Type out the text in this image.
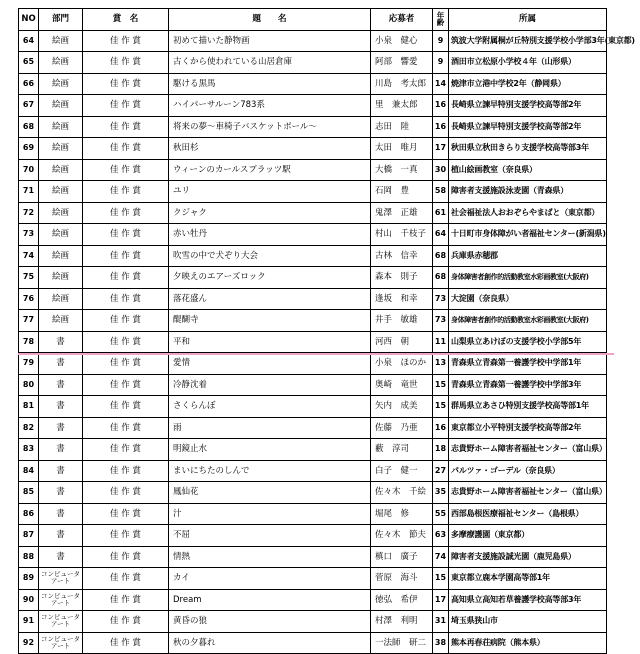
NO	部門	賞　名	題　　名	応募者	年齢	所属
64	絵画	佳 作 賞	初めて描いた静物画	小泉　健心	9	筑波大学附属桐が丘特別支援学校小学部3年(東京都)
65	絵画	佳 作 賞	古くから使われている山居倉庫	阿部　響愛	9	酒田市立松原小学校４年（山形県）
66	絵画	佳 作 賞	駆ける黒馬	川島　考太郎	14	焼津市立港中学校2年（静岡県）
67	絵画	佳 作 賞	ハイパーサルーン783系	里　兼太郎	16	長崎県立諫早特別支援学校高等部2年
68	絵画	佳 作 賞	将来の夢～車椅子バスケットボール～	志田　陸	16	長崎県立諫早特別支援学校高等部2年
69	絵画	佳 作 賞	秋田杉	太田　唯月	17	秋田県立秋田きらり支援学校高等部3年
70	絵画	佳 作 賞	ウィーンのカールスプラッツ駅	大橋　一真	30	植山絵画教室（奈良県）
71	絵画	佳 作 賞	ユリ	石岡　豊	58	障害者支援施設泳麦園（青森県）
72	絵画	佳 作 賞	クジャク	鬼澤　正雄	61	社会福祉法人おおぞらやまばと（東京都）
73	絵画	佳 作 賞	赤い牡丹	村山　千枝子	64	十日町市身体障がい者福祉センター(新潟県)
74	絵画	佳 作 賞	吹雪の中で犬ぞり大会	古林　信幸	68	兵庫県赤穂郡
75	絵画	佳 作 賞	夕映えのエアーズロック	森本　則子	68	身体障害者創作的活動教室水彩画教室(大阪府)
76	絵画	佳 作 賞	落花盛ん	逢坂　和幸	73	大淀園（奈良県）
77	絵画	佳 作 賞	醍醐寺	井手　敏雄	73	身体障害者創作的活動教室水彩画教室(大阪府)
78	書	佳 作 賞	平和	河西　朝	11	山梨県立あけぼの支援学校小学部5年
79	書	佳 作 賞	愛情	小泉　ほのか	13	青森県立青森第一養護学校中学部1年
80	書	佳 作 賞	冷静沈着	奥崎　竜世	15	青森県立青森第一養護学校中学部3年
81	書	佳 作 賞	さくらんぼ	矢内　成美	15	群馬県立あさひ特別支援学校高等部1年
82	書	佳 作 賞	雨	佐藤　乃亜	16	東京都立小平特別支援学校高等部2年
83	書	佳 作 賞	明鏡止水	藪　淳司	18	志貴野ホーム障害者福祉センター（富山県）
84	書	佳 作 賞	まいにちたのしんで	白子　健一	27	パルツァ・ゴーデル（奈良県）
85	書	佳 作 賞	鳳仙花	佐々木　千絵	35	志貴野ホーム障害者福祉センター（富山県）
86	書	佳 作 賞	汁	堀尾　修	55	西部島根医療福祉センター（島根県）
87	書	佳 作 賞	不屈	佐々木　節夫	63	多摩療護園（東京都）
88	書	佳 作 賞	情熱	槙口　廣子	74	障害者支援施設誠光園（鹿児島県）
89	コンピュータアート	佳 作 賞	カイ	菅原　海斗	15	東京都立鹿本学園高等部1年
90	コンピュータアート	佳 作 賞	Dream	徳弘　希伊	17	高知県立高知若草養護学校高等部3年
91	コンピュータアート	佳 作 賞	黄昏の狼	村澤　利明	31	埼玉県狭山市
92	コンピュータアート	佳 作 賞	秋の夕暮れ	一法師　研二	38	熊本再春荘病院（熊本県）
